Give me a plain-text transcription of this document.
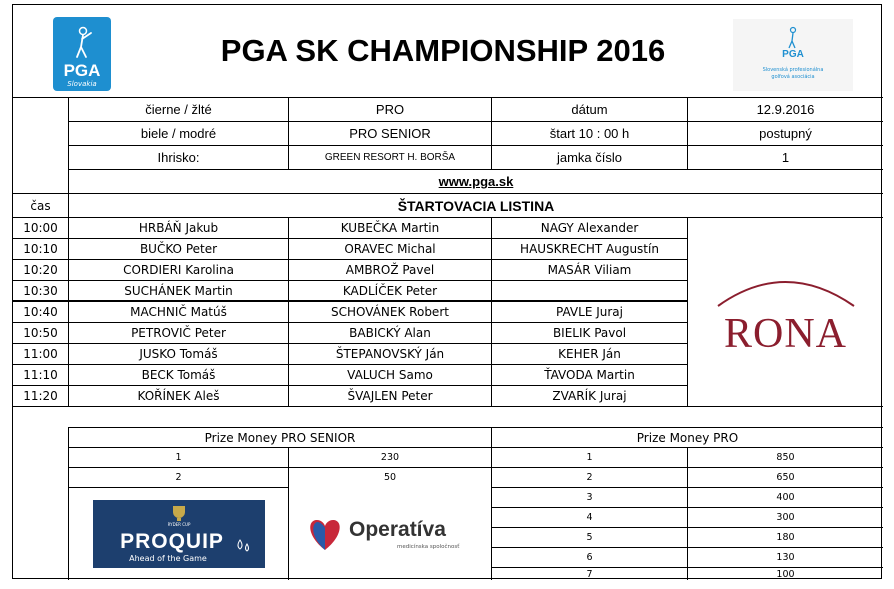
PGA
Slovakia
PGA SK CHAMPIONSHIP 2016	PGA
Slovenská profesionálna golfová asociácia
čierne / žlté	PRO	dátum	12.9.2016
biele / modré	PRO SENIOR	štart 10 : 00 h	postupný
Ihrisko:	GREEN RESORT H. BORŠA	jamka číslo	1
www.pga.sk
čas	ŠTARTOVACIA LISTINA
10:00	HRBÁŇ Jakub	KUBEČKA Martin	NAGY Alexander
10:10	BUČKO Peter	ORAVEC Michal	HAUSKRECHT Augustín
10:20	CORDIERI Karolina	AMBROŽ Pavel	MASÁR Viliam
10:30	SUCHÁNEK Martin	KADLÍČEK Peter
10:40	MACHNIČ Matúš	SCHOVÁNEK Robert	PAVLE Juraj
10:50	PETROVIČ Peter	BABICKÝ Alan	BIELIK Pavol
11:00	JUSKO Tomáš	ŠTEPANOVSKÝ Ján	KEHER Ján
11:10	BECK Tomáš	VALUCH Samo	ŤAVODA Martin
11:20	KOŘÍNEK Aleš	ŠVAJLEN Peter	ZVARÍK Juraj
RONA
Prize Money PRO SENIOR	Prize Money PRO
1	230
2	50
1	850
2	650
3	400
4	300
5	180
6	130
7	100
RYDER CUP
PROQUIP
Ahead of the Game
Operatíva
medicínska spoločnosť
